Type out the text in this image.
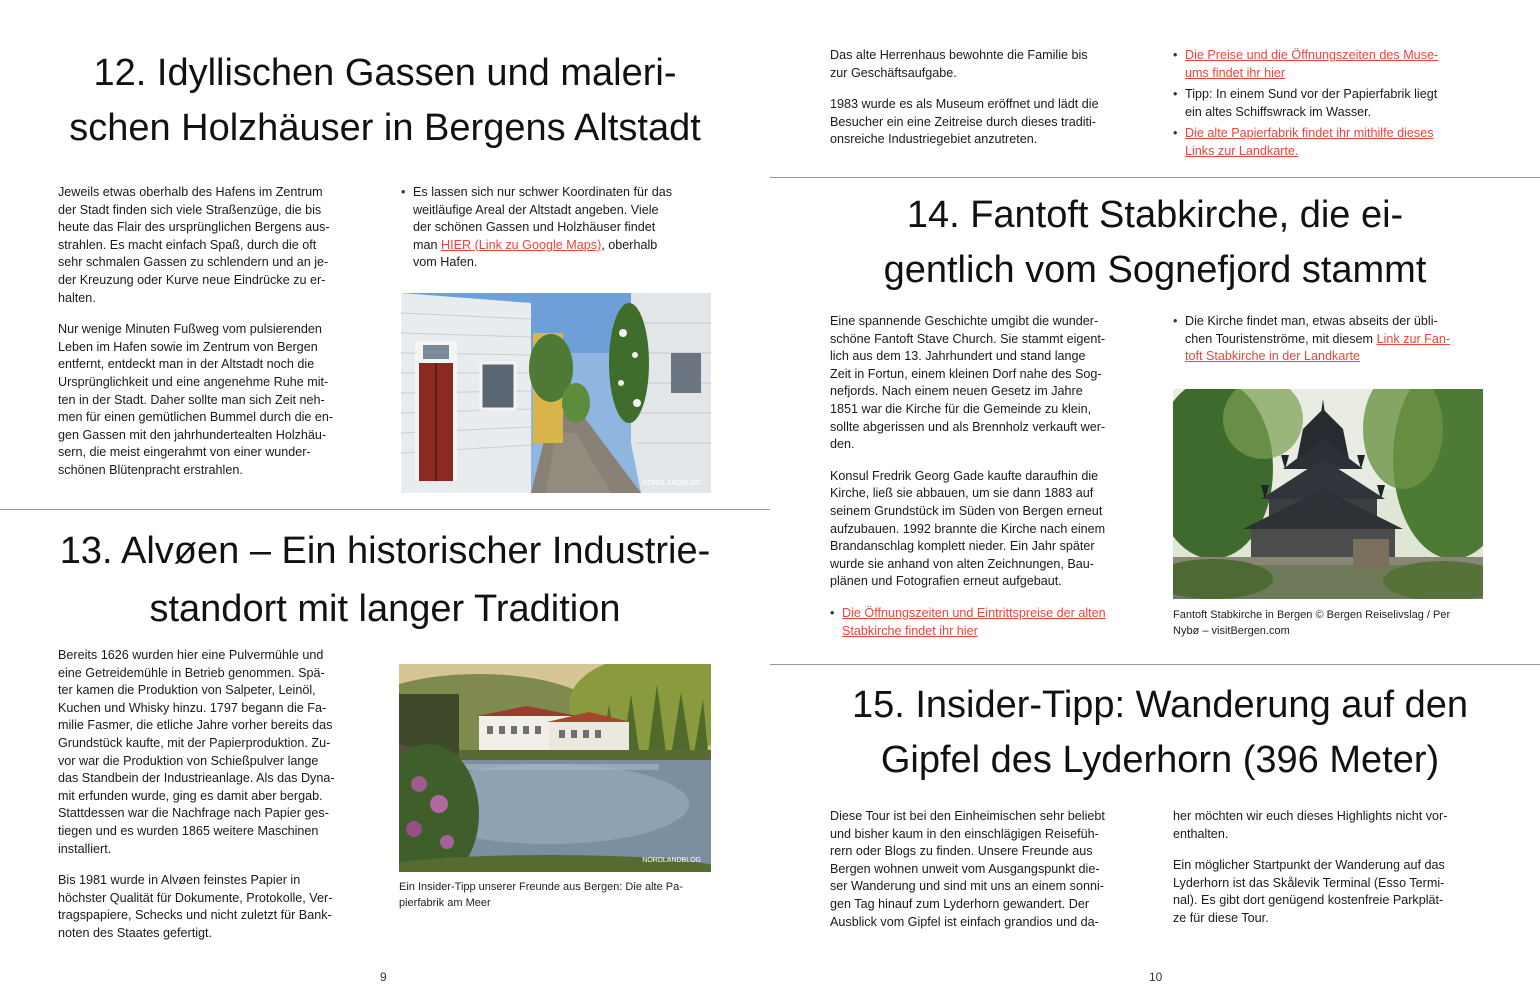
12. Idyllischen Gassen und maleri-
schen Holzhäuser in Bergens Altstadt

Jeweils etwas oberhalb des Hafens im Zentrum
der Stadt finden sich viele Straßenzüge, die bis
heute das Flair des ursprünglichen Bergens aus-
strahlen. Es macht einfach Spaß, durch die oft
sehr schmalen Gassen zu schlendern und an je-
der Kreuzung oder Kurve neue Eindrücke zu er-
halten.

Nur wenige Minuten Fußweg vom pulsierenden
Leben im Hafen sowie im Zentrum von Bergen
entfernt, entdeckt man in der Altstadt noch die
Ursprünglichkeit und eine angenehme Ruhe mit-
ten in der Stadt. Daher sollte man sich Zeit neh-
men für einen gemütlichen Bummel durch die en-
gen Gassen mit den jahrhundertealten Holzhäu-
sern, die meist eingerahmt von einer wunder-
schönen Blütenpracht erstrahlen.

• Es lassen sich nur schwer Koordinaten für das
weitläufige Areal der Altstadt angeben. Viele
der schönen Gassen und Holzhäuser findet
man HIER (Link zu Google Maps), oberhalb
vom Hafen.
NORDLANDBLOG
13. Alvøen – Ein historischer Industrie-
standort mit langer Tradition

Bereits 1626 wurden hier eine Pulvermühle und
eine Getreidemühle in Betrieb genommen. Spä-
ter kamen die Produktion von Salpeter, Leinöl,
Kuchen und Whisky hinzu. 1797 begann die Fa-
milie Fasmer, die etliche Jahre vorher bereits das
Grundstück kaufte, mit der Papierproduktion. Zu-
vor war die Produktion von Schießpulver lange
das Standbein der Industrieanlage. Als das Dyna-
mit erfunden wurde, ging es damit aber bergab.
Stattdessen war die Nachfrage nach Papier ges-
tiegen und es wurden 1865 weitere Maschinen
installiert.

Bis 1981 wurde in Alvøen feinstes Papier in
höchster Qualität für Dokumente, Protokolle, Ver-
tragspapiere, Schecks und nicht zuletzt für Bank-
noten des Staates gefertigt.

NORDLANDBLOG
Ein Insider-Tipp unserer Freunde aus Bergen: Die alte Pa-
pierfabrik am Meer
9

Das alte Herrenhaus bewohnte die Familie bis
zur Geschäftsaufgabe.

1983 wurde es als Museum eröffnet und lädt die
Besucher ein eine Zeitreise durch dieses traditi-
onsreiche Industriegebiet anzutreten.

• Die Preise und die Öffnungszeiten des Muse-
ums findet ihr hier
• Tipp: In einem Sund vor der Papierfabrik liegt
ein altes Schiffswrack im Wasser.
• Die alte Papierfabrik findet ihr mithilfe dieses
Links zur Landkarte.
14. Fantoft Stabkirche, die ei-
gentlich vom Sognefjord stammt

Eine spannende Geschichte umgibt die wunder-
schöne Fantoft Stave Church. Sie stammt eigent-
lich aus dem 13. Jahrhundert und stand lange
Zeit in Fortun, einem kleinen Dorf nahe des Sog-
nefjords. Nach einem neuen Gesetz im Jahre
1851 war die Kirche für die Gemeinde zu klein,
sollte abgerissen und als Brennholz verkauft wer-
den.

Konsul Fredrik Georg Gade kaufte daraufhin die
Kirche, ließ sie abbauen, um sie dann 1883 auf
seinem Grundstück im Süden von Bergen erneut
aufzubauen. 1992 brannte die Kirche nach einem
Brandanschlag komplett nieder. Ein Jahr später
wurde sie anhand von alten Zeichnungen, Bau-
plänen und Fotografien erneut aufgebaut.

• Die Öffnungszeiten und Eintrittspreise der alten
Stabkirche findet ihr hier
• Die Kirche findet man, etwas abseits der übli-
chen Touristenströme, mit diesem Link zur Fan-
toft Stabkirche in der Landkarte
Fantoft Stabkirche in Bergen © Bergen Reiselivslag / Per
Nybø – visitBergen.com
15. Insider-Tipp: Wanderung auf den
Gipfel des Lyderhorn (396 Meter)

Diese Tour ist bei den Einheimischen sehr beliebt
und bisher kaum in den einschlägigen Reisefüh-
rern oder Blogs zu finden. Unsere Freunde aus
Bergen wohnen unweit vom Ausgangspunkt die-
ser Wanderung und sind mit uns an einem sonni-
gen Tag hinauf zum Lyderhorn gewandert. Der
Ausblick vom Gipfel ist einfach grandios und da-

her möchten wir euch dieses Highlights nicht vor-
enthalten.

Ein möglicher Startpunkt der Wanderung auf das
Lyderhorn ist das Skålevik Terminal (Esso Termi-
nal). Es gibt dort genügend kostenfreie Parkplät-
ze für diese Tour.

10
